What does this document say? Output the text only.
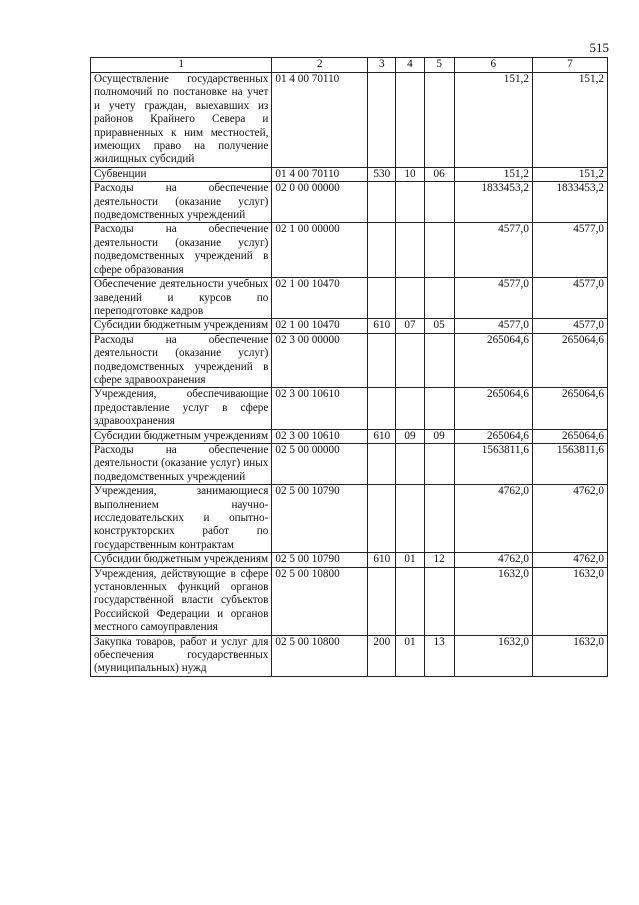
515
1	2	3	4	5	6	7
Осуществление государственных полномочий по постановке на учет и учету граждан, выехавших из районов Крайнего Севера и приравненных к ним местностей, имеющих право на получение жилищных субсидий	01 4 00 70110				151,2	151,2
Субвенции	01 4 00 70110	530	10	06	151,2	151,2
Расходы на обеспечение деятельности (оказание услуг) подведомственных учреждений	02 0 00 00000				1833453,2	1833453,2
Расходы на обеспечение деятельности (оказание услуг) подведомственных учреждений в сфере образования	02 1 00 00000				4577,0	4577,0
Обеспечение деятельности учебных заведений и курсов по переподготовке кадров	02 1 00 10470				4577,0	4577,0
Субсидии бюджетным учреждениям	02 1 00 10470	610	07	05	4577,0	4577,0
Расходы на обеспечение деятельности (оказание услуг) подведомственных учреждений в сфере здравоохранения	02 3 00 00000				265064,6	265064,6
Учреждения, обеспечивающие предоставление услуг в сфере здравоохранения	02 3 00 10610				265064,6	265064,6
Субсидии бюджетным учреждениям	02 3 00 10610	610	09	09	265064,6	265064,6
Расходы на обеспечение деятельности (оказание услуг) иных подведомственных учреждений	02 5 00 00000				1563811,6	1563811,6
Учреждения, занимающиеся выполнением научно-исследовательских и опытно-конструкторских работ по государственным контрактам	02 5 00 10790				4762,0	4762,0
Субсидии бюджетным учреждениям	02 5 00 10790	610	01	12	4762,0	4762,0
Учреждения, действующие в сфере установленных функций органов государственной власти субъектов Российской Федерации и органов местного самоуправления	02 5 00 10800				1632,0	1632,0
Закупка товаров, работ и услуг для обеспечения государственных (муниципальных) нужд	02 5 00 10800	200	01	13	1632,0	1632,0
